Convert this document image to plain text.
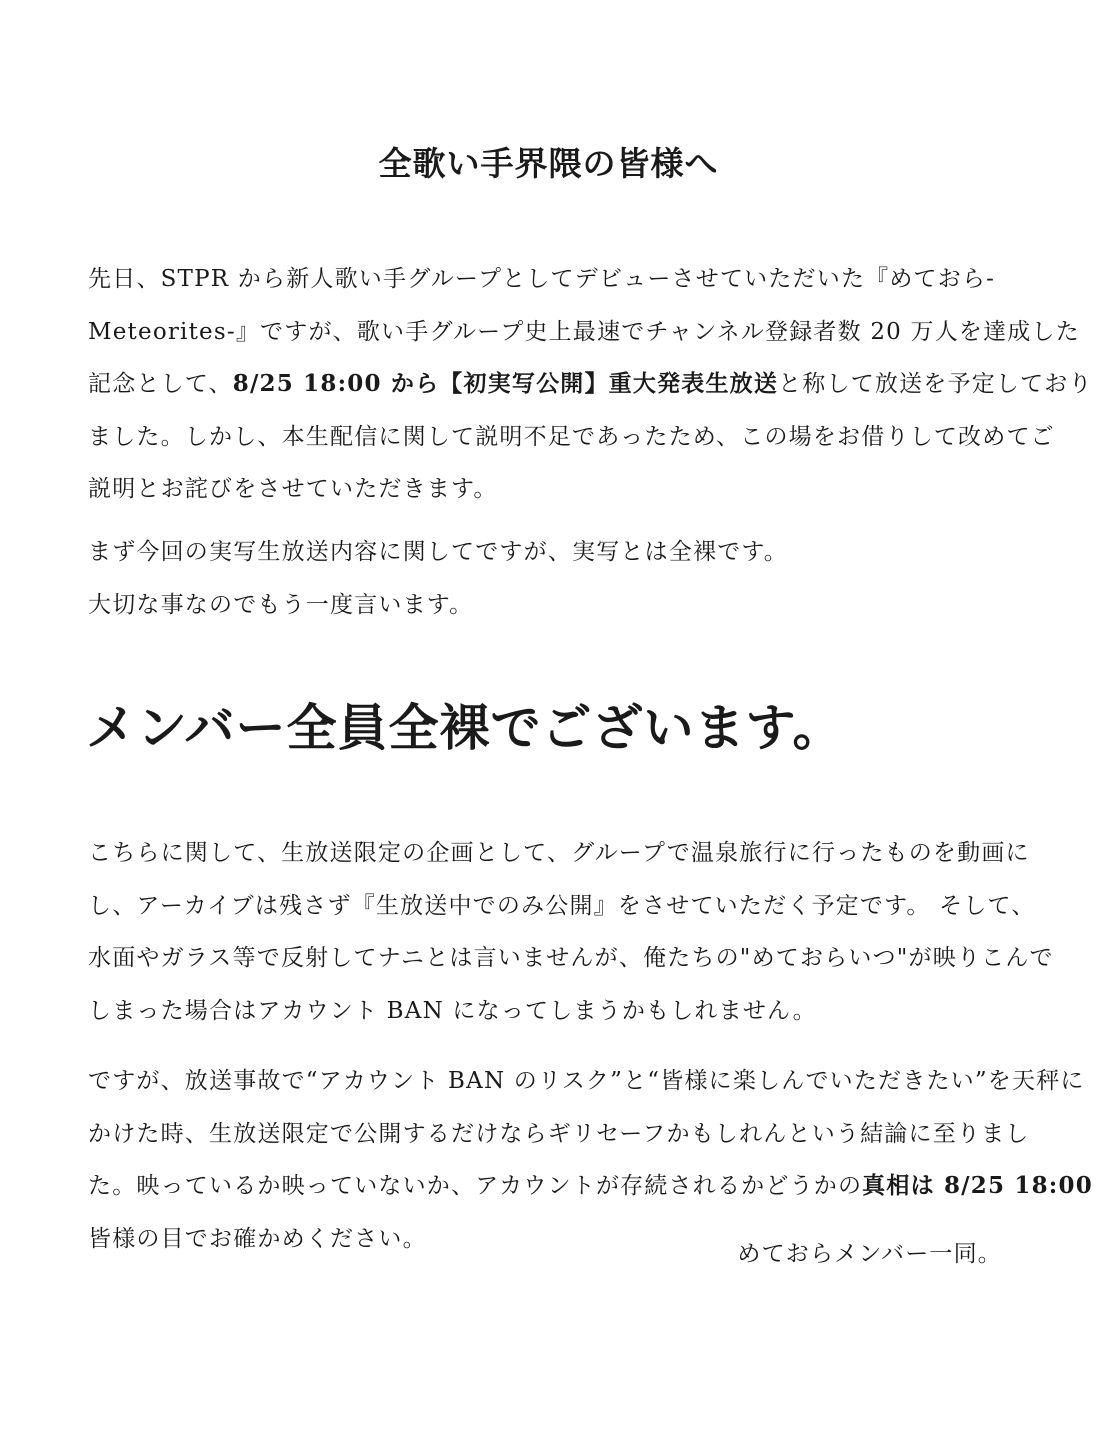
全歌い手界隈の皆様へ
先日、STPR から新人歌い手グループとしてデビューさせていただいた『めておら-
Meteorites-』ですが、歌い手グループ史上最速でチャンネル登録者数 20 万人を達成した
記念として、8/25 18:00 から【初実写公開】重大発表生放送と称して放送を予定しており
ました。しかし、本生配信に関して説明不足であったため、この場をお借りして改めてご
説明とお詫びをさせていただきます。
まず今回の実写生放送内容に関してですが、実写とは全裸です。
大切な事なのでもう一度言います。
メンバー全員全裸でございます。
こちらに関して、生放送限定の企画として、グループで温泉旅行に行ったものを動画に
し、アーカイブは残さず『生放送中でのみ公開』をさせていただく予定です。 そして、
水面やガラス等で反射してナニとは言いませんが、俺たちの"めておらいつ"が映りこんで
しまった場合はアカウント BAN になってしまうかもしれません。
ですが、放送事故で“アカウント BAN のリスク”と“皆様に楽しんでいただきたい”を天秤に
かけた時、生放送限定で公開するだけならギリセーフかもしれんという結論に至りまし
た。映っているか映っていないか、アカウントが存続されるかどうかの真相は 8/25 18:00
皆様の目でお確かめください。
めておらメンバー一同。
